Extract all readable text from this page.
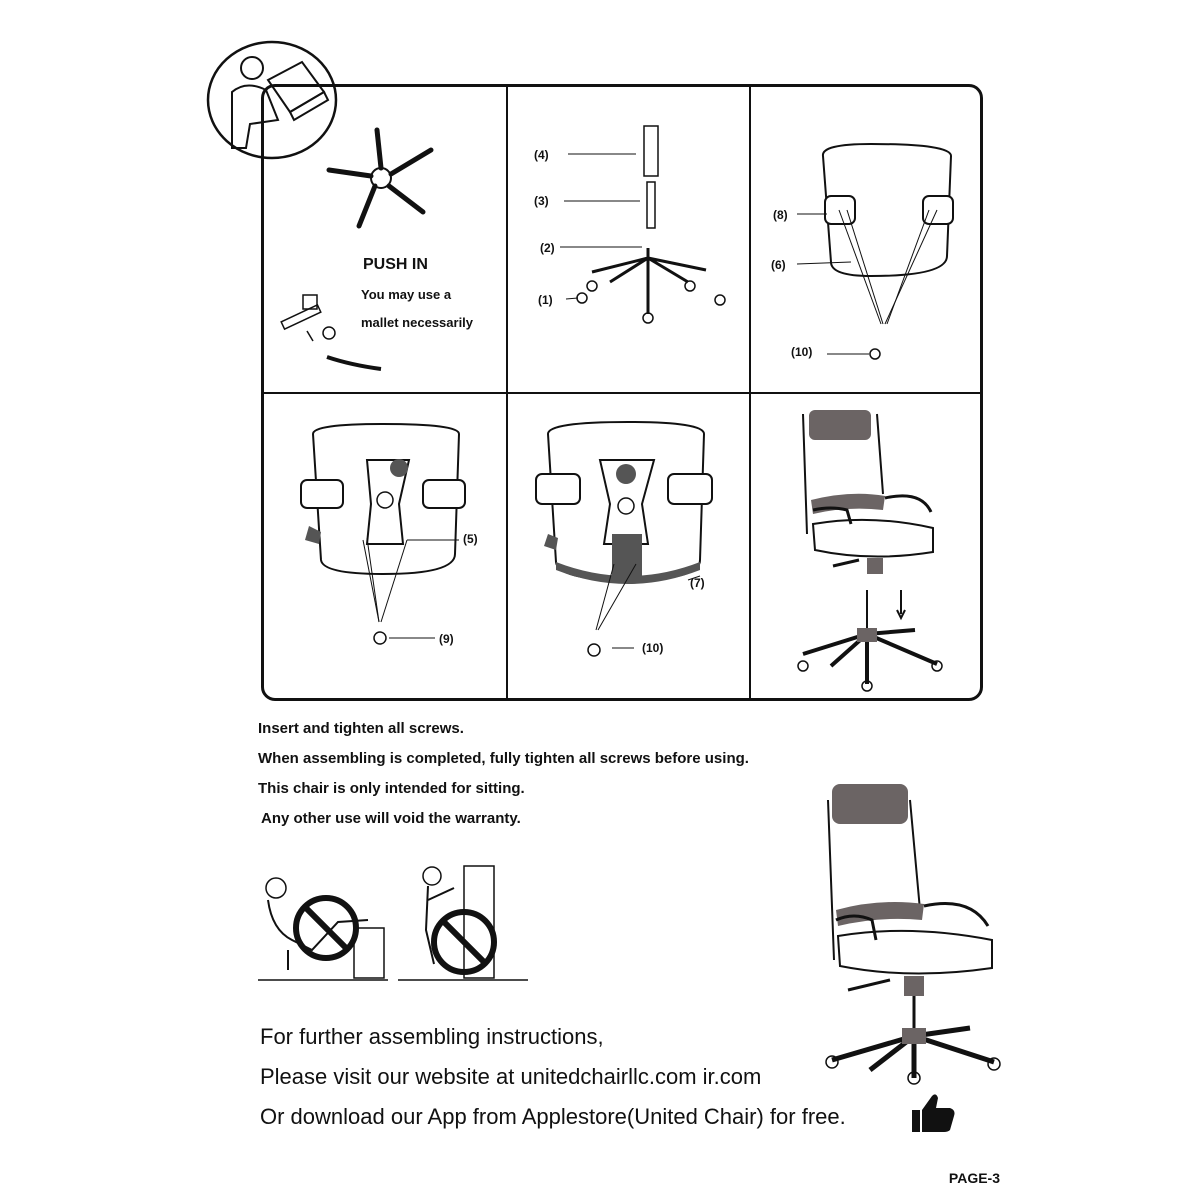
PUSH IN
You may use a
mallet necessarily
(4)
(3)
(2)
(1)
(8)
(6)
(10)
(5)
(9)
(7)
(10)
Insert and tighten all screws.
When assembling is completed, fully tighten all screws before using.
This chair is only intended for sitting.
Any other use will void the warranty.
For further assembling instructions,
Please visit our website at unitedchairllc.com ir.com
Or download our App from Applestore(United Chair) for free.
PAGE-3
